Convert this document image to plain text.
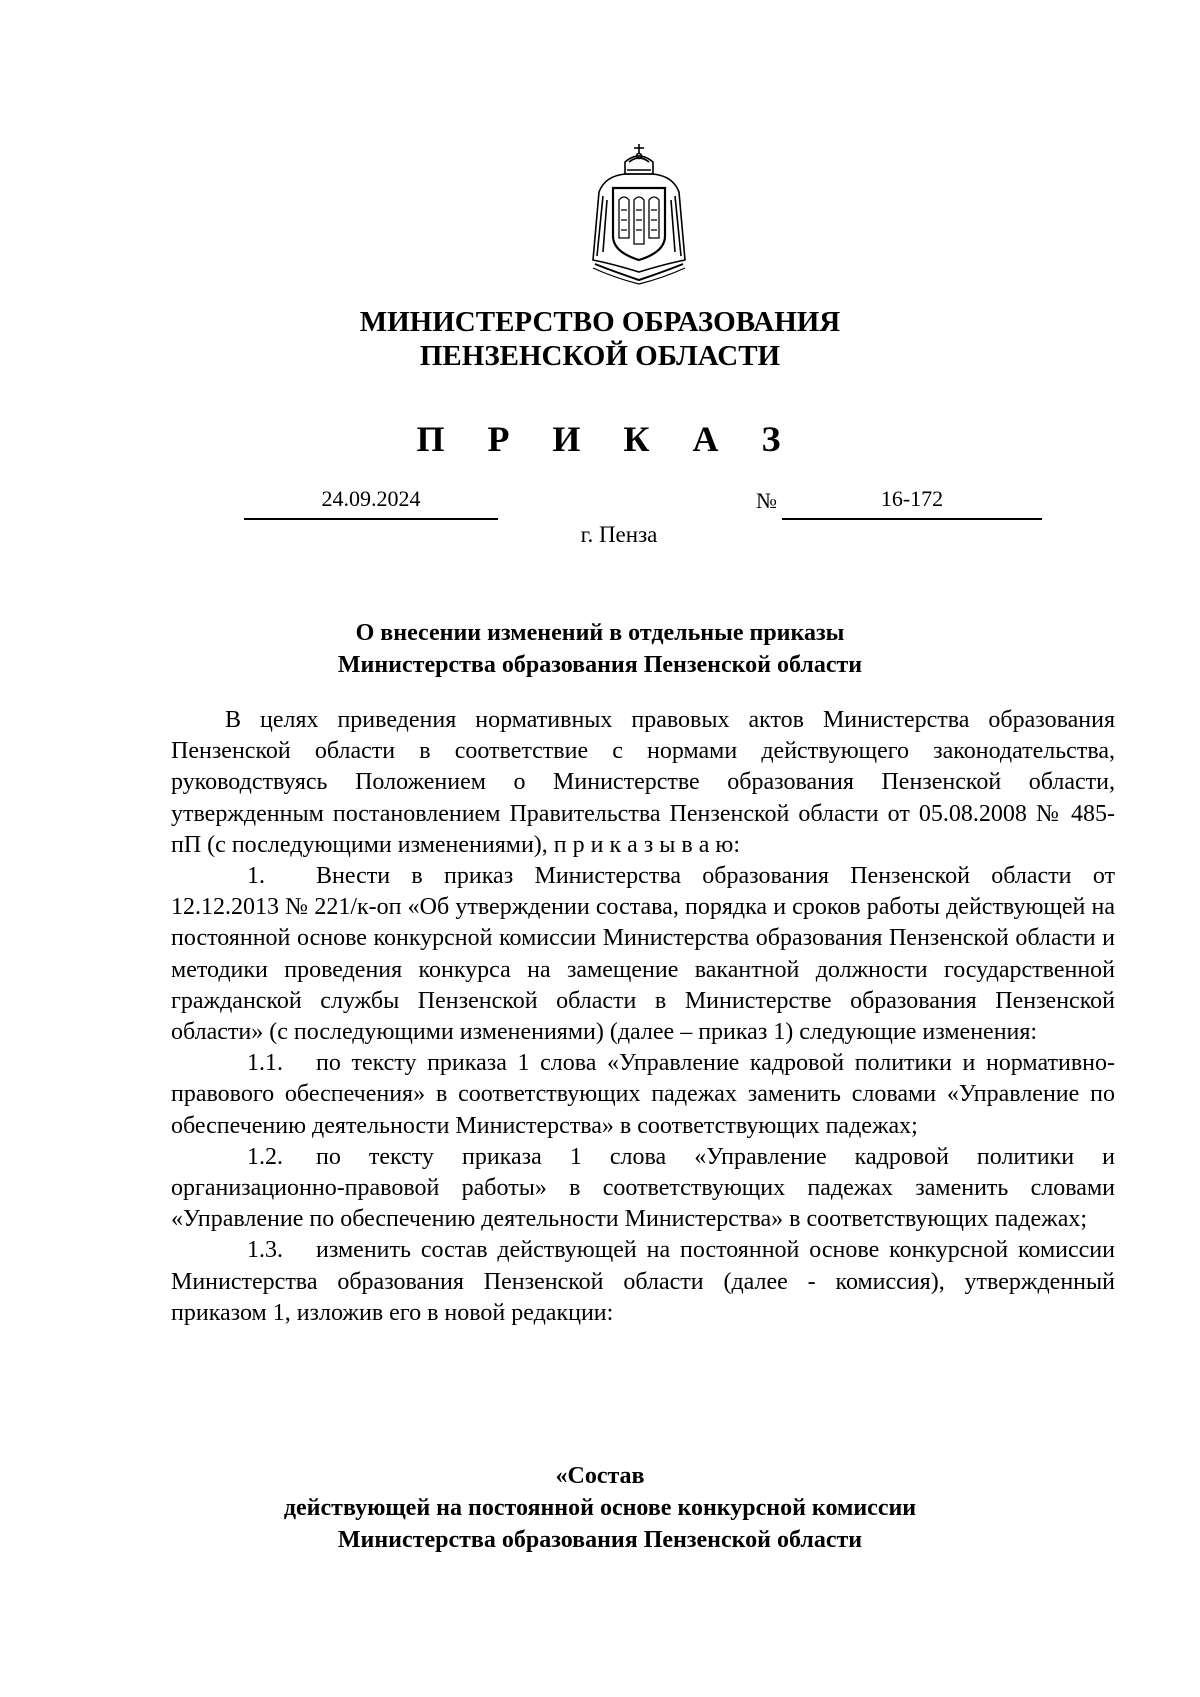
МИНИСТЕРСТВО ОБРАЗОВАНИЯ
ПЕНЗЕНСКОЙ ОБЛАСТИ
П Р И К А З
24.09.2024	№	16-172
г. Пенза
О внесении изменений в отдельные приказы
Министерства образования Пензенской области

В целях приведения нормативных правовых актов Министерства образования Пензенской области в соответствие с нормами действующего законодательства, руководствуясь Положением о Министерстве образования Пензенской области, утвержденным постановлением Правительства Пензенской области от 05.08.2008 № 485-пП (с последующими изменениями), п р и к а з ы в а ю:

1. Внести в приказ Министерства образования Пензенской области от 12.12.2013 № 221/к-оп «Об утверждении состава, порядка и сроков работы действующей на постоянной основе конкурсной комиссии Министерства образования Пензенской области и методики проведения конкурса на замещение вакантной должности государственной гражданской службы Пензенской области в Министерстве образования Пензенской области» (с последующими изменениями) (далее – приказ 1) следующие изменения:

1.1. по тексту приказа 1 слова «Управление кадровой политики и нормативно-правового обеспечения» в соответствующих падежах заменить словами «Управление по обеспечению деятельности Министерства» в соответствующих падежах;

1.2. по тексту приказа 1 слова «Управление кадровой политики и организационно-правовой работы» в соответствующих падежах заменить словами «Управление по обеспечению деятельности Министерства» в соответствующих падежах;

1.3. изменить состав действующей на постоянной основе конкурсной комиссии Министерства образования Пензенской области (далее - комиссия), утвержденный приказом 1, изложив его в новой редакции:

«Состав
действующей на постоянной основе конкурсной комиссии
Министерства образования Пензенской области
